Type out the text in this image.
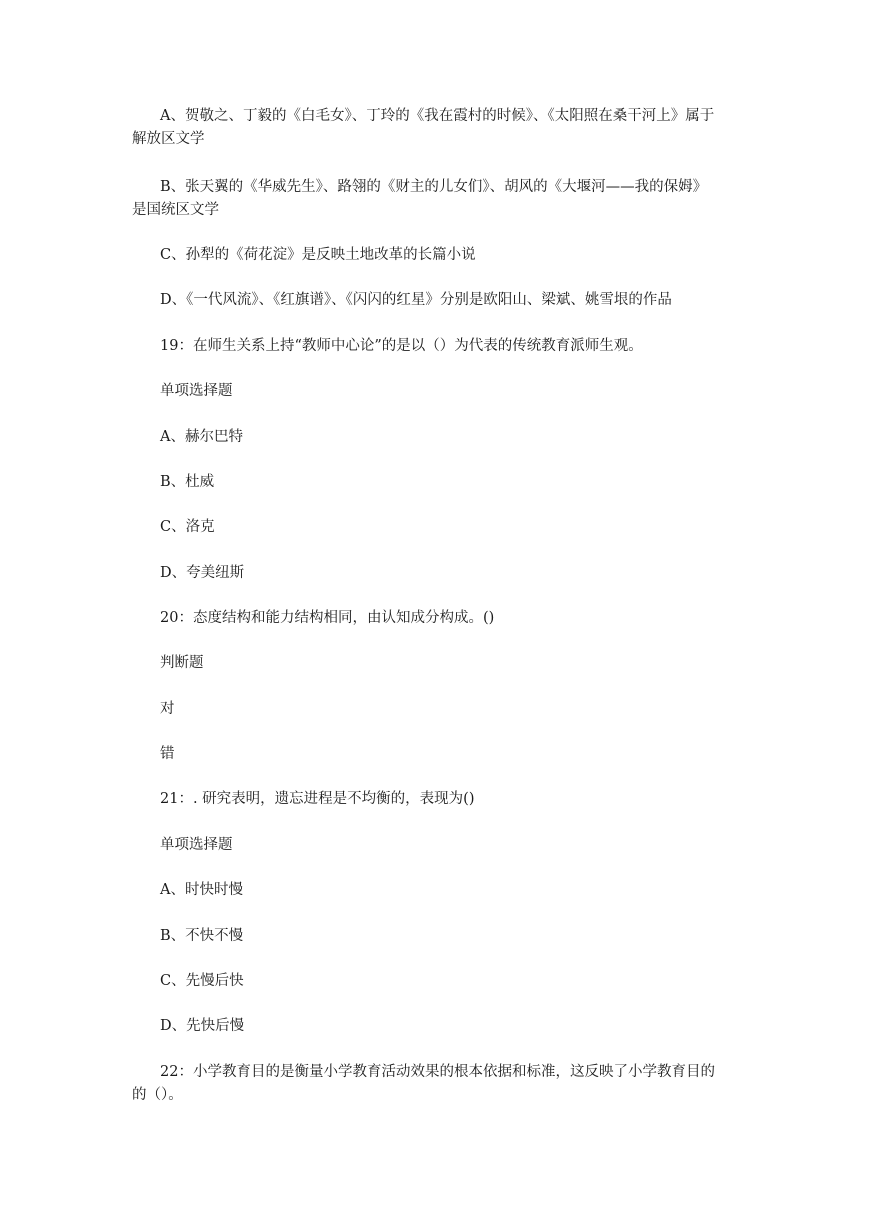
A、贺敬之、丁毅的《白毛女》、丁玲的《我在霞村的时候》、《太阳照在桑干河上》属于

解放区文学

B、张天翼的《华威先生》、路翎的《财主的儿女们》、胡风的《大堰河——我的保姆》

是国统区文学

C、孙犁的《荷花淀》是反映土地改革的长篇小说

D、《一代风流》、《红旗谱》、《闪闪的红星》分别是欧阳山、梁斌、姚雪垠的作品

19：在师生关系上持“教师中心论”的是以（）为代表的传统教育派师生观。

单项选择题

A、赫尔巴特

B、杜威

C、洛克

D、夸美纽斯

20：态度结构和能力结构相同，由认知成分构成。()

判断题

对

错

21：. 研究表明，遗忘进程是不均衡的，表现为()

单项选择题

A、时快时慢

B、不快不慢

C、先慢后快

D、先快后慢

22：小学教育目的是衡量小学教育活动效果的根本依据和标准，这反映了小学教育目的

的（）。
